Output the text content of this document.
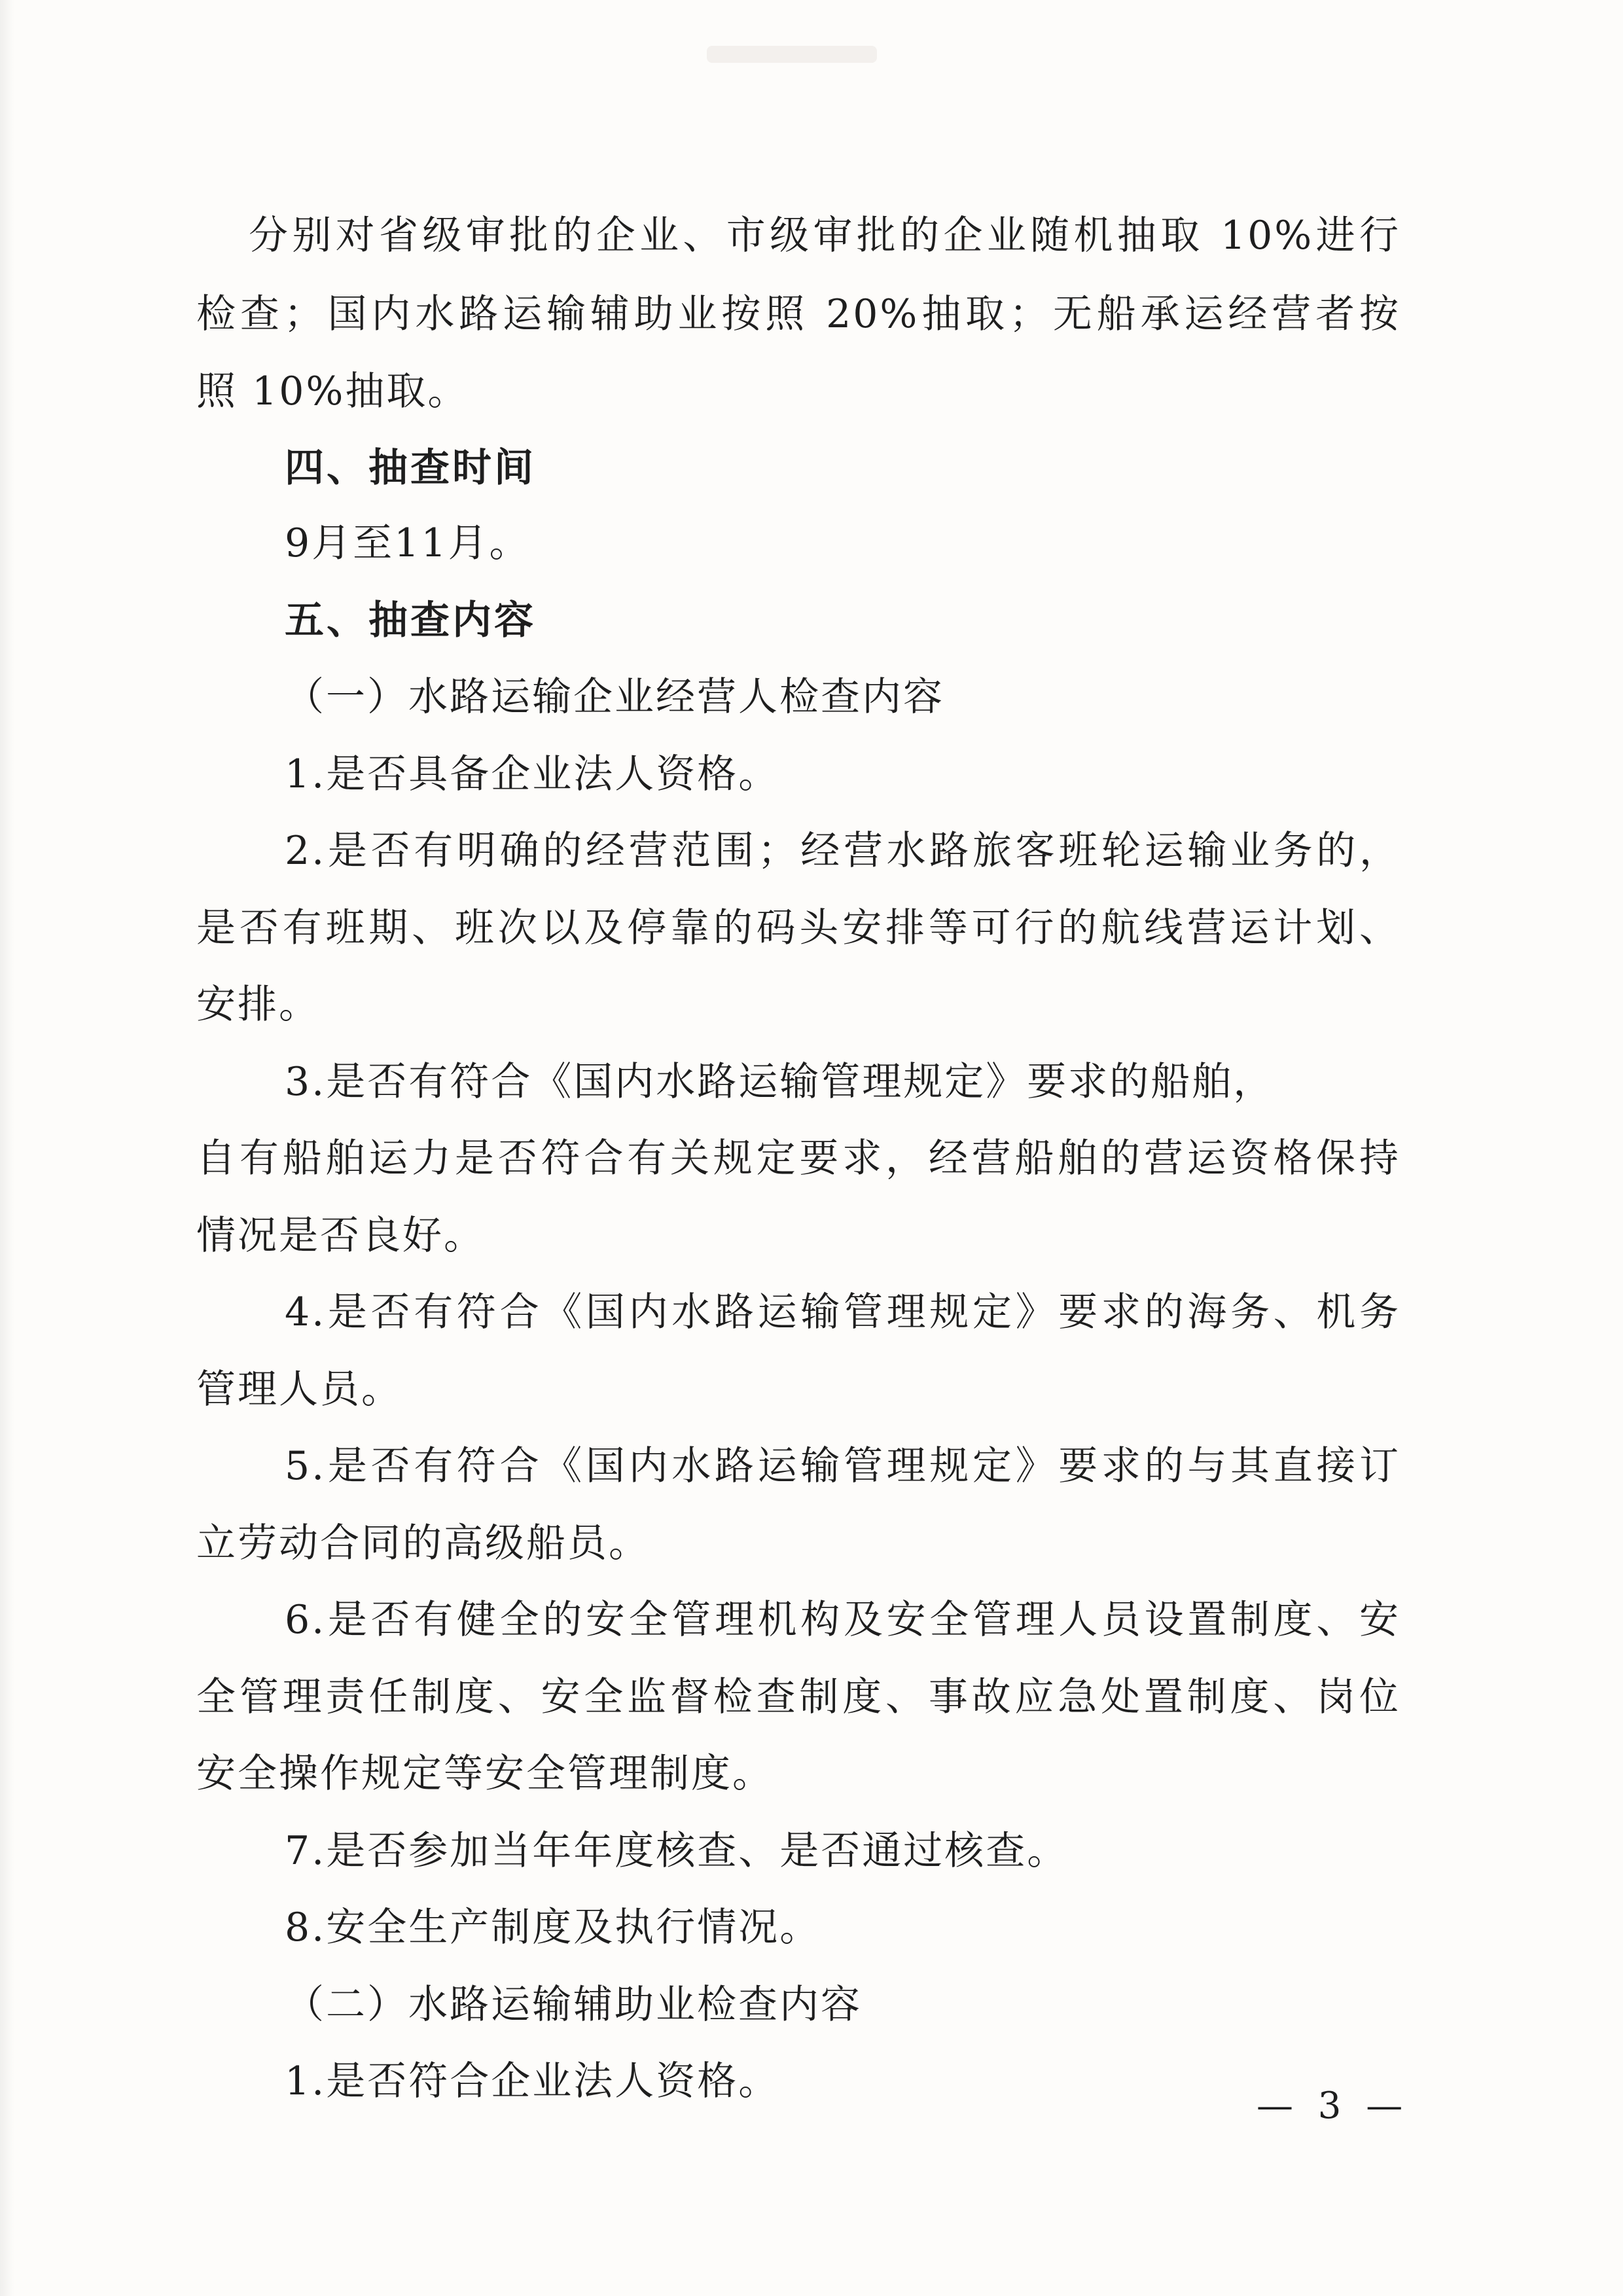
分别对省级审批的企业、市级审批的企业随机抽取 10%进行
检查；国内水路运输辅助业按照 20%抽取；无船承运经营者按
照 10%抽取。
四、抽查时间
9月至11月。
五、抽查内容
（一）水路运输企业经营人检查内容
1.是否具备企业法人资格。
2.是否有明确的经营范围；经营水路旅客班轮运输业务的，
是否有班期、班次以及停靠的码头安排等可行的航线营运计划、
安排。
3.是否有符合《国内水路运输管理规定》要求的船舶，
自有船舶运力是否符合有关规定要求，经营船舶的营运资格保持
情况是否良好。
4.是否有符合《国内水路运输管理规定》要求的海务、机务
管理人员。
5.是否有符合《国内水路运输管理规定》要求的与其直接订
立劳动合同的高级船员。
6.是否有健全的安全管理机构及安全管理人员设置制度、安
全管理责任制度、安全监督检查制度、事故应急处置制度、岗位
安全操作规定等安全管理制度。
7.是否参加当年年度核查、是否通过核查。
8.安全生产制度及执行情况。
（二）水路运输辅助业检查内容
1.是否符合企业法人资格。
— 3 —
